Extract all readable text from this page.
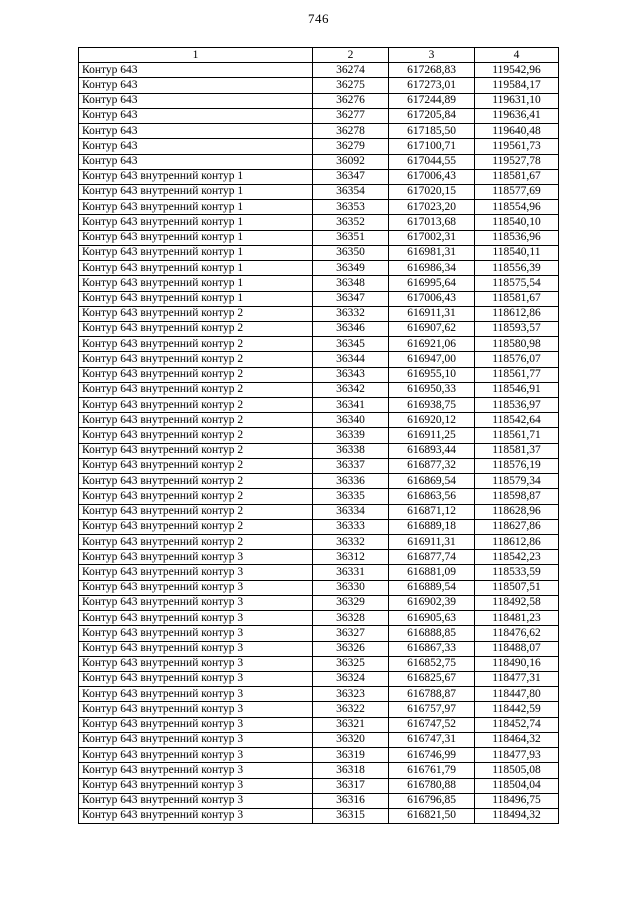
746
1	2	3	4
Контур 643	36274	617268,83	119542,96
Контур 643	36275	617273,01	119584,17
Контур 643	36276	617244,89	119631,10
Контур 643	36277	617205,84	119636,41
Контур 643	36278	617185,50	119640,48
Контур 643	36279	617100,71	119561,73
Контур 643	36092	617044,55	119527,78
Контур 643 внутренний контур 1	36347	617006,43	118581,67
Контур 643 внутренний контур 1	36354	617020,15	118577,69
Контур 643 внутренний контур 1	36353	617023,20	118554,96
Контур 643 внутренний контур 1	36352	617013,68	118540,10
Контур 643 внутренний контур 1	36351	617002,31	118536,96
Контур 643 внутренний контур 1	36350	616981,31	118540,11
Контур 643 внутренний контур 1	36349	616986,34	118556,39
Контур 643 внутренний контур 1	36348	616995,64	118575,54
Контур 643 внутренний контур 1	36347	617006,43	118581,67
Контур 643 внутренний контур 2	36332	616911,31	118612,86
Контур 643 внутренний контур 2	36346	616907,62	118593,57
Контур 643 внутренний контур 2	36345	616921,06	118580,98
Контур 643 внутренний контур 2	36344	616947,00	118576,07
Контур 643 внутренний контур 2	36343	616955,10	118561,77
Контур 643 внутренний контур 2	36342	616950,33	118546,91
Контур 643 внутренний контур 2	36341	616938,75	118536,97
Контур 643 внутренний контур 2	36340	616920,12	118542,64
Контур 643 внутренний контур 2	36339	616911,25	118561,71
Контур 643 внутренний контур 2	36338	616893,44	118581,37
Контур 643 внутренний контур 2	36337	616877,32	118576,19
Контур 643 внутренний контур 2	36336	616869,54	118579,34
Контур 643 внутренний контур 2	36335	616863,56	118598,87
Контур 643 внутренний контур 2	36334	616871,12	118628,96
Контур 643 внутренний контур 2	36333	616889,18	118627,86
Контур 643 внутренний контур 2	36332	616911,31	118612,86
Контур 643 внутренний контур 3	36312	616877,74	118542,23
Контур 643 внутренний контур 3	36331	616881,09	118533,59
Контур 643 внутренний контур 3	36330	616889,54	118507,51
Контур 643 внутренний контур 3	36329	616902,39	118492,58
Контур 643 внутренний контур 3	36328	616905,63	118481,23
Контур 643 внутренний контур 3	36327	616888,85	118476,62
Контур 643 внутренний контур 3	36326	616867,33	118488,07
Контур 643 внутренний контур 3	36325	616852,75	118490,16
Контур 643 внутренний контур 3	36324	616825,67	118477,31
Контур 643 внутренний контур 3	36323	616788,87	118447,80
Контур 643 внутренний контур 3	36322	616757,97	118442,59
Контур 643 внутренний контур 3	36321	616747,52	118452,74
Контур 643 внутренний контур 3	36320	616747,31	118464,32
Контур 643 внутренний контур 3	36319	616746,99	118477,93
Контур 643 внутренний контур 3	36318	616761,79	118505,08
Контур 643 внутренний контур 3	36317	616780,88	118504,04
Контур 643 внутренний контур 3	36316	616796,85	118496,75
Контур 643 внутренний контур 3	36315	616821,50	118494,32
